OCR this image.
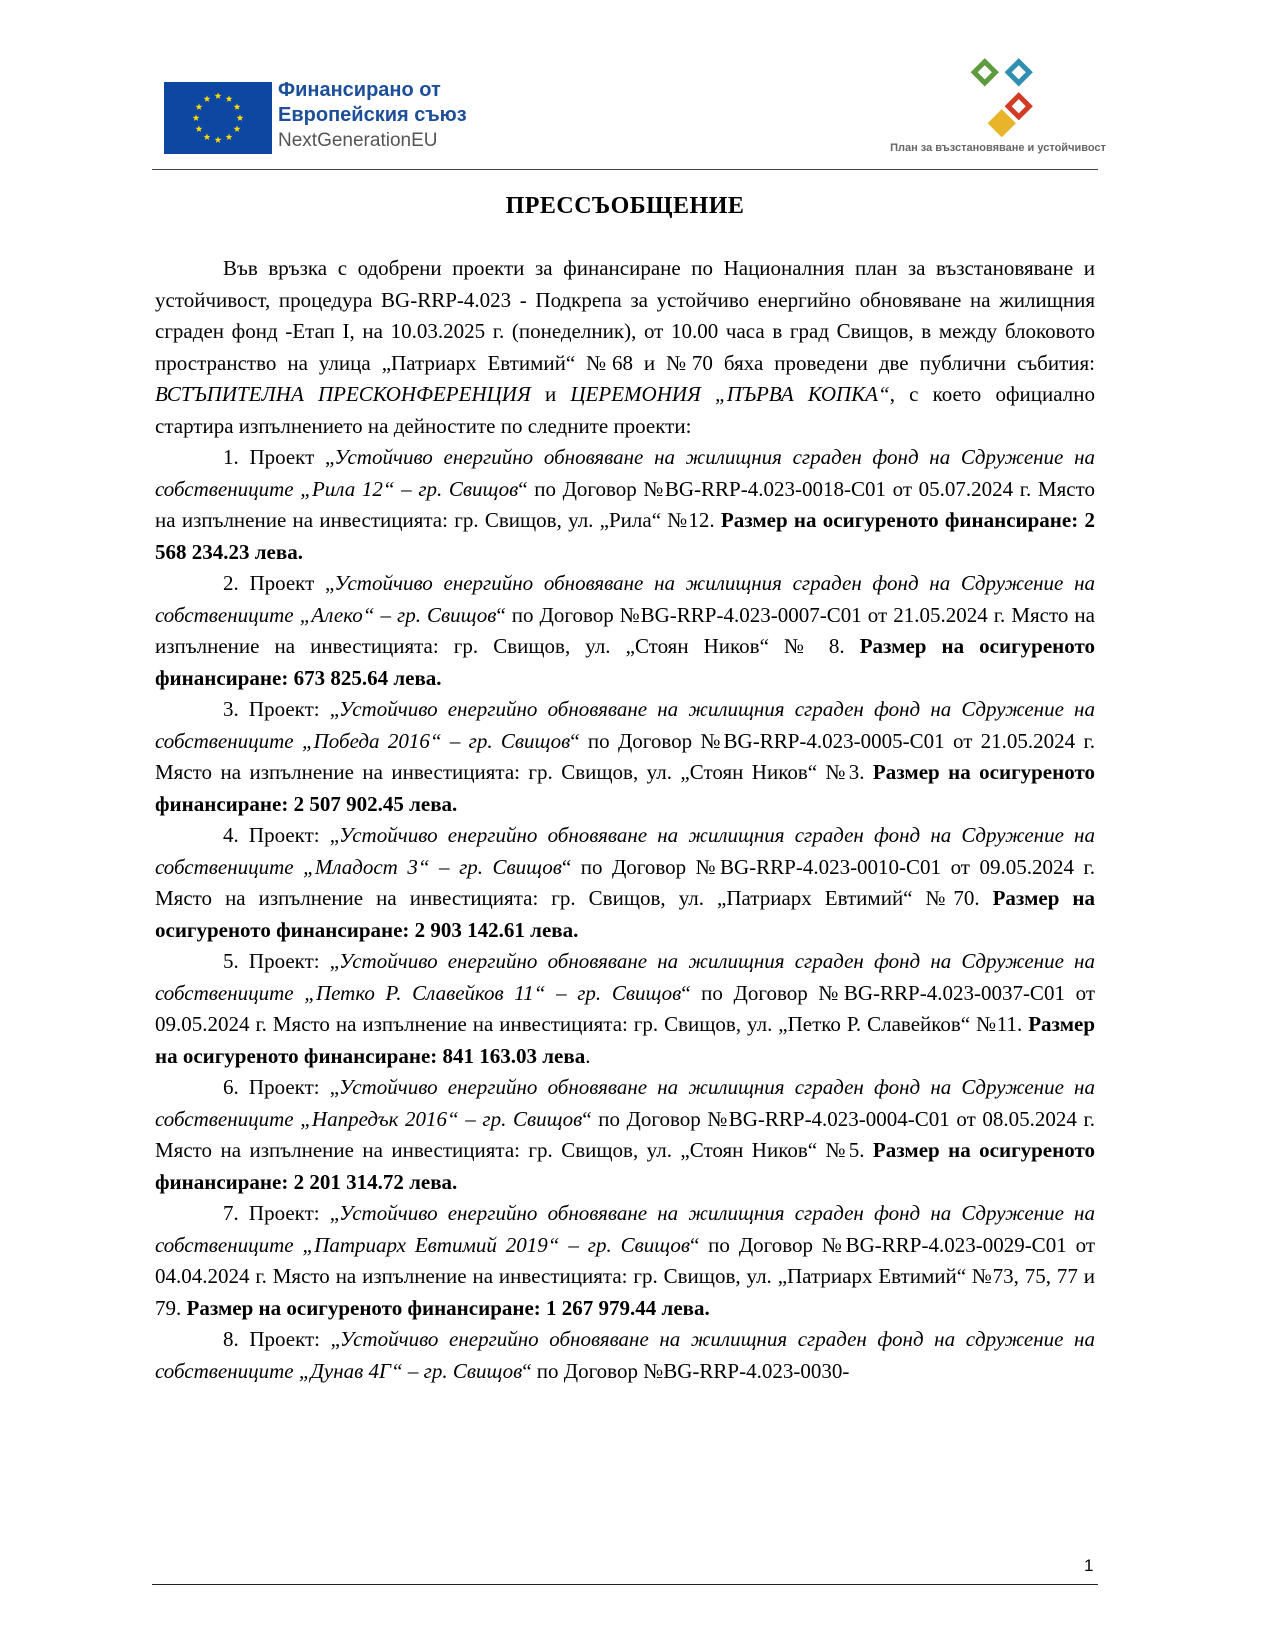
Финансирано от
Европейския съюз
NextGenerationEU	План за възстановяване и устойчивост
ПРЕССЪОБЩЕНИЕ

Във връзка с одобрени проекти за финансиране по Националния план за възстановяване и устойчивост, процедура BG-RRP-4.023 - Подкрепа за устойчиво енергийно обновяване на жилищния сграден фонд -Етап I, на 10.03.2025 г. (понеделник), от 10.00 часа в град Свищов, в между блоковото пространство на улица „Патриарх Евтимий“ №68 и №70 бяха проведени две публични събития: ВСТЪПИТЕЛНА ПРЕСКОНФЕРЕНЦИЯ и ЦЕРЕМОНИЯ „ПЪРВА КОПКА“, с което официално стартира изпълнението на дейностите по следните проекти:

1. Проект „Устойчиво енергийно обновяване на жилищния сграден фонд на Сдружение на собствениците „Рила 12“ – гр. Свищов“ по Договор №BG-RRP-4.023-0018-C01 от 05.07.2024 г. Място на изпълнение на инвестицията: гр. Свищов, ул. „Рила“ №12. Размер на осигуреното финансиране: 2 568 234.23 лева.

2. Проект „Устойчиво енергийно обновяване на жилищния сграден фонд на Сдружение на собствениците „Алеко“ – гр. Свищов“ по Договор №BG-RRP-4.023-0007-C01 от 21.05.2024 г. Място на изпълнение на инвестицията: гр. Свищов, ул. „Стоян Ников“ № 8. Размер на осигуреното финансиране: 673 825.64 лева.

3. Проект: „Устойчиво енергийно обновяване на жилищния сграден фонд на Сдружение на собствениците „Победа 2016“ – гр. Свищов“ по Договор №BG-RRP-4.023-0005-C01 от 21.05.2024 г. Място на изпълнение на инвестицията: гр. Свищов, ул. „Стоян Ников“ №3. Размер на осигуреното финансиране: 2 507 902.45 лева.

4. Проект: „Устойчиво енергийно обновяване на жилищния сграден фонд на Сдружение на собствениците „Младост 3“ – гр. Свищов“ по Договор №BG-RRP-4.023-0010-C01 от 09.05.2024 г. Място на изпълнение на инвестицията: гр. Свищов, ул. „Патриарх Евтимий“ №70. Размер на осигуреното финансиране: 2 903 142.61 лева.

5. Проект: „Устойчиво енергийно обновяване на жилищния сграден фонд на Сдружение на собствениците „Петко Р. Славейков 11“ – гр. Свищов“ по Договор №BG-RRP-4.023-0037-C01 от 09.05.2024 г. Място на изпълнение на инвестицията: гр. Свищов, ул. „Петко Р. Славейков“ №11. Размер на осигуреното финансиране: 841 163.03 лева.

6. Проект: „Устойчиво енергийно обновяване на жилищния сграден фонд на Сдружение на собствениците „Напредък 2016“ – гр. Свищов“ по Договор №BG-RRP-4.023-0004-C01 от 08.05.2024 г. Място на изпълнение на инвестицията: гр. Свищов, ул. „Стоян Ников“ №5. Размер на осигуреното финансиране: 2 201 314.72 лева.

7. Проект: „Устойчиво енергийно обновяване на жилищния сграден фонд на Сдружение на собствениците „Патриарх Евтимий 2019“ – гр. Свищов“ по Договор №BG-RRP-4.023-0029-C01 от 04.04.2024 г. Място на изпълнение на инвестицията: гр. Свищов, ул. „Патриарх Евтимий“ №73, 75, 77 и 79. Размер на осигуреното финансиране: 1 267 979.44 лева.

8. Проект: „Устойчиво енергийно обновяване на жилищния сграден фонд на сдружение на собствениците „Дунав 4Г“ – гр. Свищов“ по Договор №BG-RRP-4.023-0030-

1
